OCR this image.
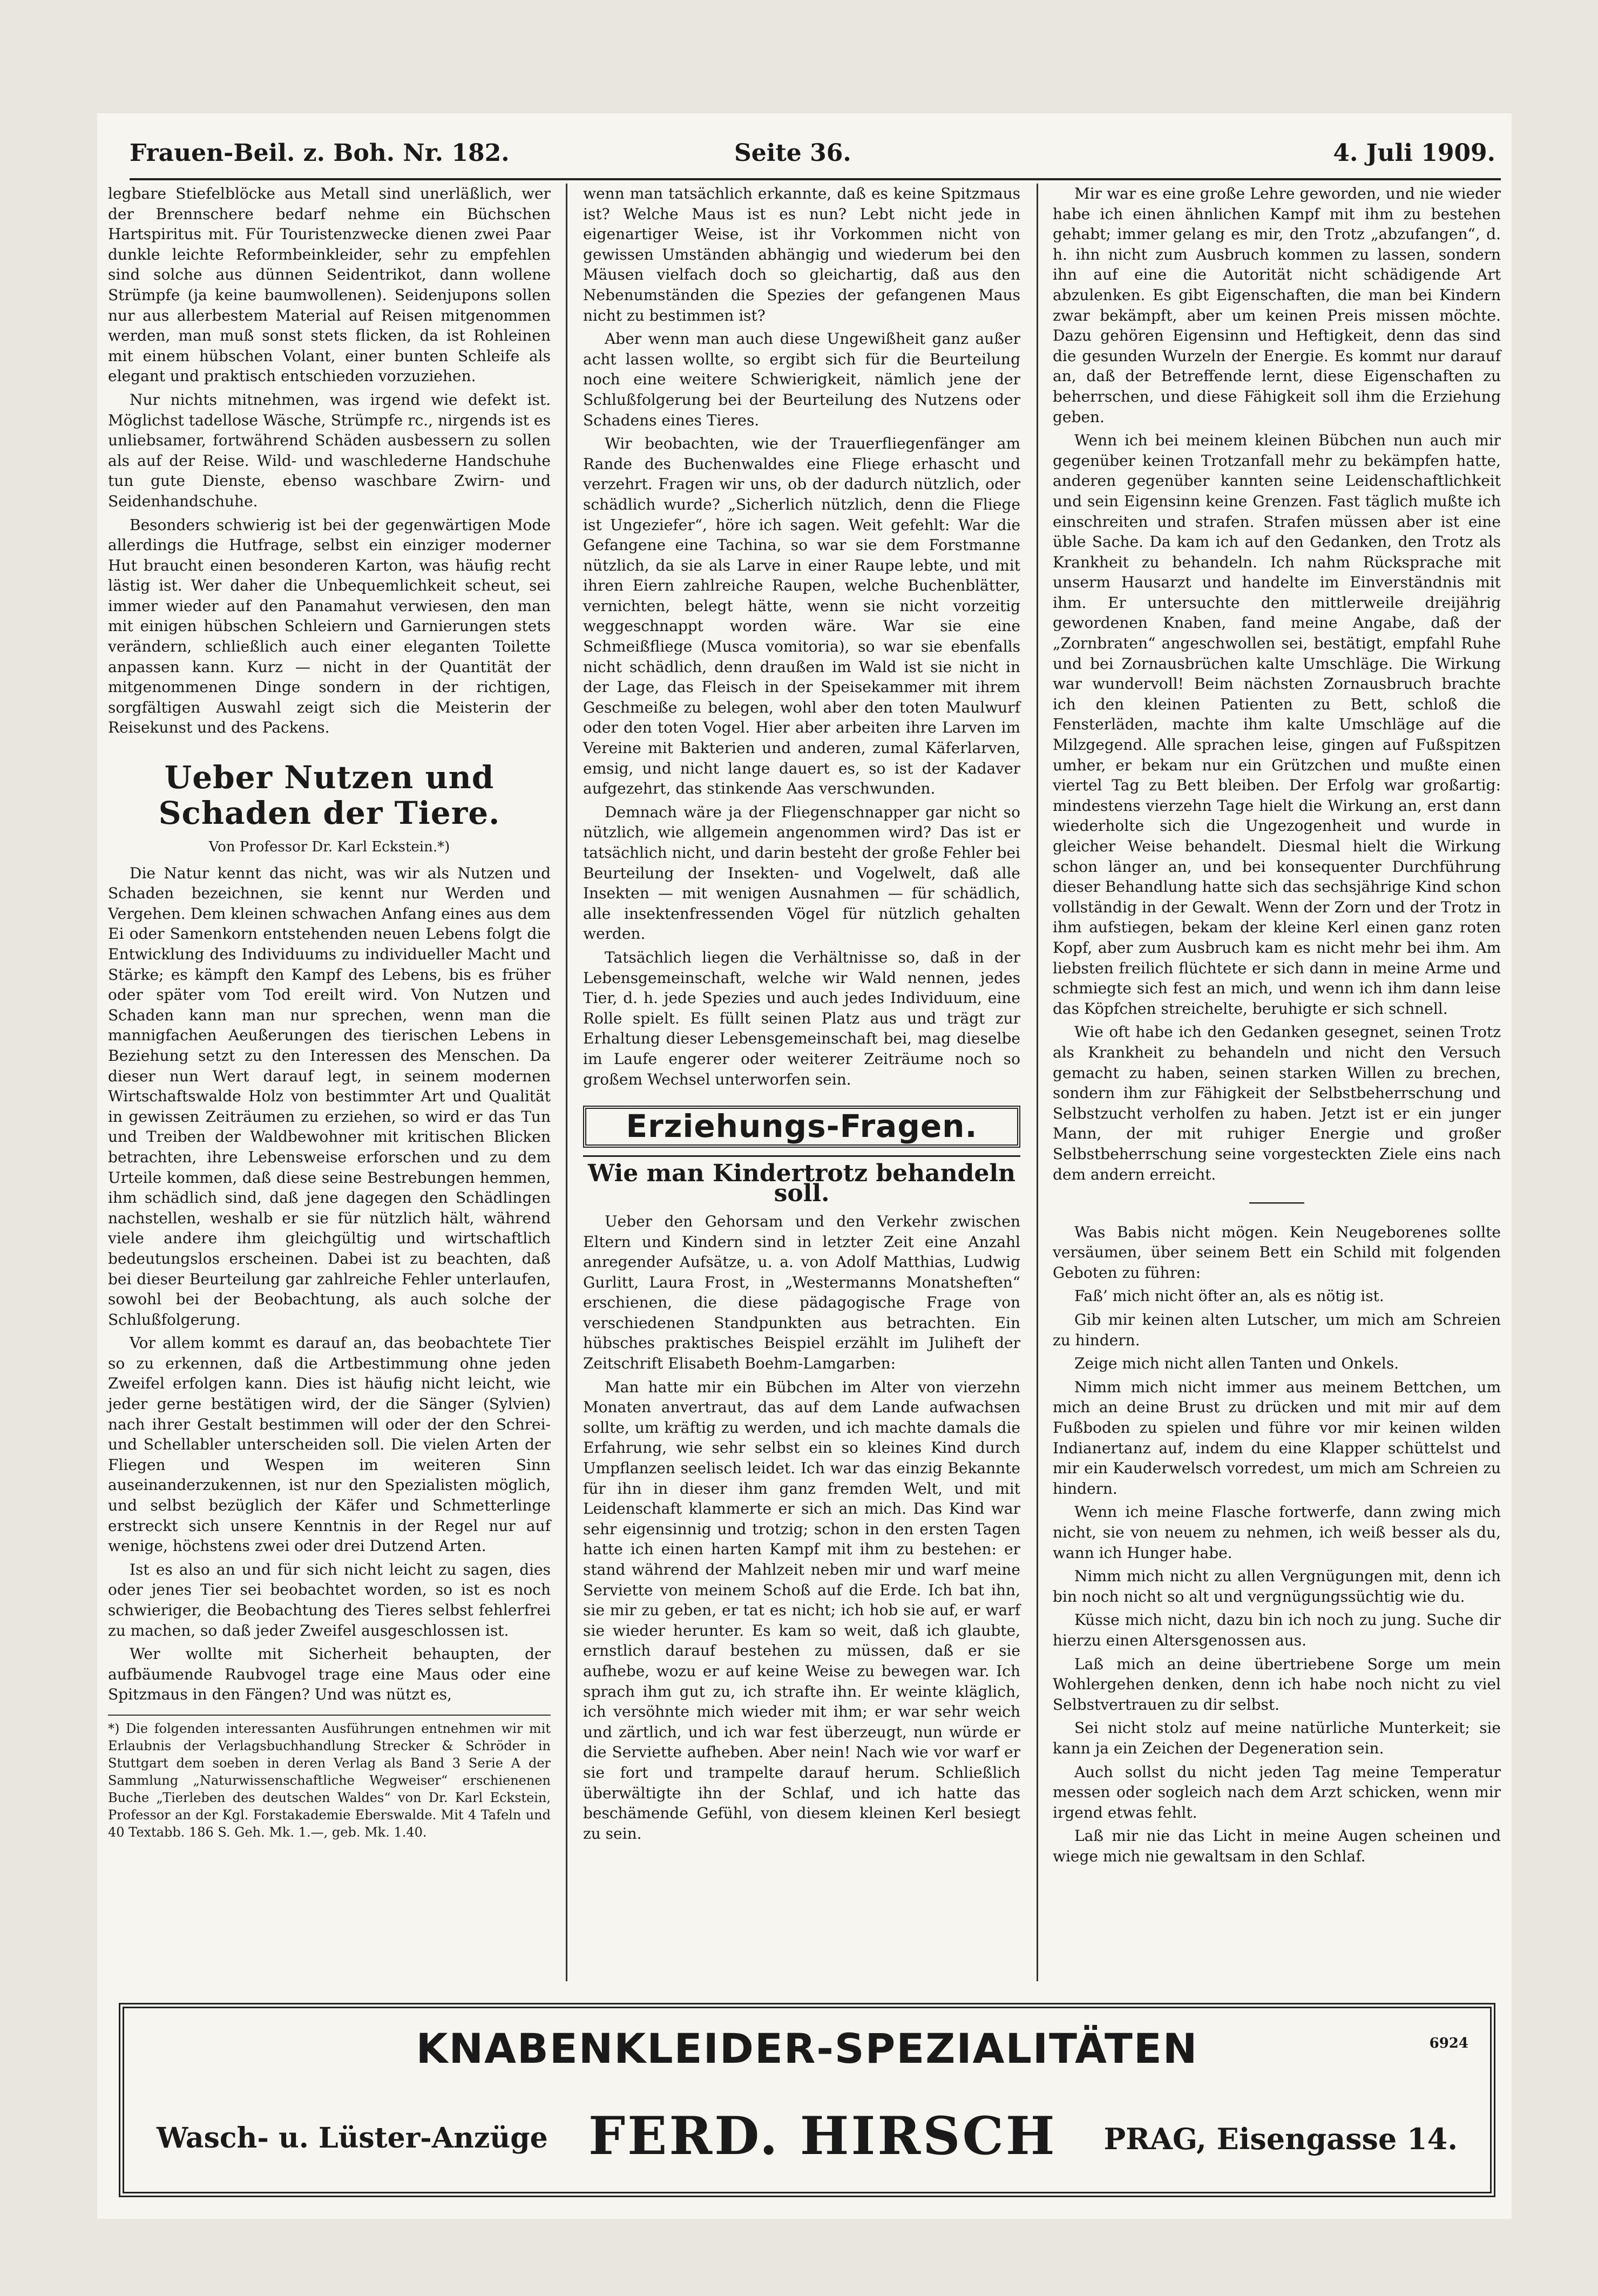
Frauen-Beil. z. Boh. Nr. 182.	Seite 36.	4. Juli 1909.

legbare Stiefelblöcke aus Metall sind unerläßlich, wer der Brennschere bedarf nehme ein Büchschen Hartspiritus mit. Für Touristenzwecke dienen zwei Paar dunkle leichte Reformbeinkleider, sehr zu empfehlen sind solche aus dünnen Seidentrikot, dann wollene Strümpfe (ja keine baumwollenen). Seidenjupons sollen nur aus allerbestem Material auf Reisen mitgenommen werden, man muß sonst stets flicken, da ist Rohleinen mit einem hübschen Volant, einer bunten Schleife als elegant und praktisch entschieden vorzuziehen.

Nur nichts mitnehmen, was irgend wie defekt ist. Möglichst tadellose Wäsche, Strümpfe rc., nirgends ist es unliebsamer, fortwährend Schäden ausbessern zu sollen als auf der Reise. Wild- und waschlederne Handschuhe tun gute Dienste, ebenso waschbare Zwirn- und Seidenhandschuhe.

Besonders schwierig ist bei der gegenwärtigen Mode allerdings die Hutfrage, selbst ein einziger moderner Hut braucht einen besonderen Karton, was häufig recht lästig ist. Wer daher die Unbequemlichkeit scheut, sei immer wieder auf den Panamahut verwiesen, den man mit einigen hübschen Schleiern und Garnierungen stets verändern, schließlich auch einer eleganten Toilette anpassen kann. Kurz — nicht in der Quantität der mitgenommenen Dinge sondern in der richtigen, sorgfältigen Auswahl zeigt sich die Meisterin der Reisekunst und des Packens.

Ueber Nutzen und Schaden der Tiere.
Von Professor Dr. Karl Eckstein.*)

Die Natur kennt das nicht, was wir als Nutzen und Schaden bezeichnen, sie kennt nur Werden und Vergehen. Dem kleinen schwachen Anfang eines aus dem Ei oder Samenkorn entstehenden neuen Lebens folgt die Entwicklung des Individuums zu individueller Macht und Stärke; es kämpft den Kampf des Lebens, bis es früher oder später vom Tod ereilt wird. Von Nutzen und Schaden kann man nur sprechen, wenn man die mannigfachen Aeußerungen des tierischen Lebens in Beziehung setzt zu den Interessen des Menschen. Da dieser nun Wert darauf legt, in seinem modernen Wirtschaftswalde Holz von bestimmter Art und Qualität in gewissen Zeiträumen zu erziehen, so wird er das Tun und Treiben der Waldbewohner mit kritischen Blicken betrachten, ihre Lebensweise erforschen und zu dem Urteile kommen, daß diese seine Bestrebungen hemmen, ihm schädlich sind, daß jene dagegen den Schädlingen nachstellen, weshalb er sie für nützlich hält, während viele andere ihm gleichgültig und wirtschaftlich bedeutungslos erscheinen. Dabei ist zu beachten, daß bei dieser Beurteilung gar zahlreiche Fehler unterlaufen, sowohl bei der Beobachtung, als auch solche der Schlußfolgerung.

Vor allem kommt es darauf an, das beobachtete Tier so zu erkennen, daß die Artbestimmung ohne jeden Zweifel erfolgen kann. Dies ist häufig nicht leicht, wie jeder gerne bestätigen wird, der die Sänger (Sylvien) nach ihrer Gestalt bestimmen will oder der den Schrei- und Schellabler unterscheiden soll. Die vielen Arten der Fliegen und Wespen im weiteren Sinn auseinanderzukennen, ist nur den Spezialisten möglich, und selbst bezüglich der Käfer und Schmetterlinge erstreckt sich unsere Kenntnis in der Regel nur auf wenige, höchstens zwei oder drei Dutzend Arten.

Ist es also an und für sich nicht leicht zu sagen, dies oder jenes Tier sei beobachtet worden, so ist es noch schwieriger, die Beobachtung des Tieres selbst fehlerfrei zu machen, so daß jeder Zweifel ausgeschlossen ist.

Wer wollte mit Sicherheit behaupten, der aufbäumende Raubvogel trage eine Maus oder eine Spitzmaus in den Fängen? Und was nützt es,

*) Die folgenden interessanten Ausführungen entnehmen wir mit Erlaubnis der Verlagsbuchhandlung Strecker & Schröder in Stuttgart dem soeben in deren Verlag als Band 3 Serie A der Sammlung „Naturwissenschaftliche Wegweiser“ erschienenen Buche „Tierleben des deutschen Waldes“ von Dr. Karl Eckstein, Professor an der Kgl. Forstakademie Eberswalde. Mit 4 Tafeln und 40 Textabb. 186 S. Geh. Mk. 1.—, geb. Mk. 1.40.

wenn man tatsächlich erkannte, daß es keine Spitzmaus ist? Welche Maus ist es nun? Lebt nicht jede in eigenartiger Weise, ist ihr Vorkommen nicht von gewissen Umständen abhängig und wiederum bei den Mäusen vielfach doch so gleichartig, daß aus den Nebenumständen die Spezies der gefangenen Maus nicht zu bestimmen ist?

Aber wenn man auch diese Ungewißheit ganz außer acht lassen wollte, so ergibt sich für die Beurteilung noch eine weitere Schwierigkeit, nämlich jene der Schlußfolgerung bei der Beurteilung des Nutzens oder Schadens eines Tieres.

Wir beobachten, wie der Trauerfliegenfänger am Rande des Buchenwaldes eine Fliege erhascht und verzehrt. Fragen wir uns, ob der dadurch nützlich, oder schädlich wurde? „Sicherlich nützlich, denn die Fliege ist Ungeziefer“, höre ich sagen. Weit gefehlt: War die Gefangene eine Tachina, so war sie dem Forstmanne nützlich, da sie als Larve in einer Raupe lebte, und mit ihren Eiern zahlreiche Raupen, welche Buchenblätter, vernichten, belegt hätte, wenn sie nicht vorzeitig weggeschnappt worden wäre. War sie eine Schmeißfliege (Musca vomitoria), so war sie ebenfalls nicht schädlich, denn draußen im Wald ist sie nicht in der Lage, das Fleisch in der Speisekammer mit ihrem Geschmeiße zu belegen, wohl aber den toten Maulwurf oder den toten Vogel. Hier aber arbeiten ihre Larven im Vereine mit Bakterien und anderen, zumal Käferlarven, emsig, und nicht lange dauert es, so ist der Kadaver aufgezehrt, das stinkende Aas verschwunden.

Demnach wäre ja der Fliegenschnapper gar nicht so nützlich, wie allgemein angenommen wird? Das ist er tatsächlich nicht, und darin besteht der große Fehler bei Beurteilung der Insekten- und Vogelwelt, daß alle Insekten — mit wenigen Ausnahmen — für schädlich, alle insektenfressenden Vögel für nützlich gehalten werden.

Tatsächlich liegen die Verhältnisse so, daß in der Lebensgemeinschaft, welche wir Wald nennen, jedes Tier, d. h. jede Spezies und auch jedes Individuum, eine Rolle spielt. Es füllt seinen Platz aus und trägt zur Erhaltung dieser Lebensgemeinschaft bei, mag dieselbe im Laufe engerer oder weiterer Zeiträume noch so großem Wechsel unterworfen sein.

Erziehungs-Fragen.
Wie man Kindertrotz behandeln soll.

Ueber den Gehorsam und den Verkehr zwischen Eltern und Kindern sind in letzter Zeit eine Anzahl anregender Aufsätze, u. a. von Adolf Matthias, Ludwig Gurlitt, Laura Frost, in „Westermanns Monatsheften“ erschienen, die diese pädagogische Frage von verschiedenen Standpunkten aus betrachten. Ein hübsches praktisches Beispiel erzählt im Juliheft der Zeitschrift Elisabeth Boehm-Lamgarben:

Man hatte mir ein Bübchen im Alter von vierzehn Monaten anvertraut, das auf dem Lande aufwachsen sollte, um kräftig zu werden, und ich machte damals die Erfahrung, wie sehr selbst ein so kleines Kind durch Umpflanzen seelisch leidet. Ich war das einzig Bekannte für ihn in dieser ihm ganz fremden Welt, und mit Leidenschaft klammerte er sich an mich. Das Kind war sehr eigensinnig und trotzig; schon in den ersten Tagen hatte ich einen harten Kampf mit ihm zu bestehen: er stand während der Mahlzeit neben mir und warf meine Serviette von meinem Schoß auf die Erde. Ich bat ihn, sie mir zu geben, er tat es nicht; ich hob sie auf, er warf sie wieder herunter. Es kam so weit, daß ich glaubte, ernstlich darauf bestehen zu müssen, daß er sie aufhebe, wozu er auf keine Weise zu bewegen war. Ich sprach ihm gut zu, ich strafte ihn. Er weinte kläglich, ich versöhnte mich wieder mit ihm; er war sehr weich und zärtlich, und ich war fest überzeugt, nun würde er die Serviette aufheben. Aber nein! Nach wie vor warf er sie fort und trampelte darauf herum. Schließlich überwältigte ihn der Schlaf, und ich hatte das beschämende Gefühl, von diesem kleinen Kerl besiegt zu sein.

Mir war es eine große Lehre geworden, und nie wieder habe ich einen ähnlichen Kampf mit ihm zu bestehen gehabt; immer gelang es mir, den Trotz „abzufangen“, d. h. ihn nicht zum Ausbruch kommen zu lassen, sondern ihn auf eine die Autorität nicht schädigende Art abzulenken. Es gibt Eigenschaften, die man bei Kindern zwar bekämpft, aber um keinen Preis missen möchte. Dazu gehören Eigensinn und Heftigkeit, denn das sind die gesunden Wurzeln der Energie. Es kommt nur darauf an, daß der Betreffende lernt, diese Eigenschaften zu beherrschen, und diese Fähigkeit soll ihm die Erziehung geben.

Wenn ich bei meinem kleinen Bübchen nun auch mir gegenüber keinen Trotzanfall mehr zu bekämpfen hatte, anderen gegenüber kannten seine Leidenschaftlichkeit und sein Eigensinn keine Grenzen. Fast täglich mußte ich einschreiten und strafen. Strafen müssen aber ist eine üble Sache. Da kam ich auf den Gedanken, den Trotz als Krankheit zu behandeln. Ich nahm Rücksprache mit unserm Hausarzt und handelte im Einverständnis mit ihm. Er untersuchte den mittlerweile dreijährig gewordenen Knaben, fand meine Angabe, daß der „Zornbraten“ angeschwollen sei, bestätigt, empfahl Ruhe und bei Zornausbrüchen kalte Umschläge. Die Wirkung war wundervoll! Beim nächsten Zornausbruch brachte ich den kleinen Patienten zu Bett, schloß die Fensterläden, machte ihm kalte Umschläge auf die Milzgegend. Alle sprachen leise, gingen auf Fußspitzen umher, er bekam nur ein Grützchen und mußte einen viertel Tag zu Bett bleiben. Der Erfolg war großartig: mindestens vierzehn Tage hielt die Wirkung an, erst dann wiederholte sich die Ungezogenheit und wurde in gleicher Weise behandelt. Diesmal hielt die Wirkung schon länger an, und bei konsequenter Durchführung dieser Behandlung hatte sich das sechsjährige Kind schon vollständig in der Gewalt. Wenn der Zorn und der Trotz in ihm aufstiegen, bekam der kleine Kerl einen ganz roten Kopf, aber zum Ausbruch kam es nicht mehr bei ihm. Am liebsten freilich flüchtete er sich dann in meine Arme und schmiegte sich fest an mich, und wenn ich ihm dann leise das Köpfchen streichelte, beruhigte er sich schnell.

Wie oft habe ich den Gedanken gesegnet, seinen Trotz als Krankheit zu behandeln und nicht den Versuch gemacht zu haben, seinen starken Willen zu brechen, sondern ihm zur Fähigkeit der Selbstbeherrschung und Selbstzucht verholfen zu haben. Jetzt ist er ein junger Mann, der mit ruhiger Energie und großer Selbstbeherrschung seine vorgesteckten Ziele eins nach dem andern erreicht.

──────

Was Babis nicht mögen. Kein Neugeborenes sollte versäumen, über seinem Bett ein Schild mit folgenden Geboten zu führen:

Faß’ mich nicht öfter an, als es nötig ist.

Gib mir keinen alten Lutscher, um mich am Schreien zu hindern.

Zeige mich nicht allen Tanten und Onkels.

Nimm mich nicht immer aus meinem Bettchen, um mich an deine Brust zu drücken und mit mir auf dem Fußboden zu spielen und führe vor mir keinen wilden Indianertanz auf, indem du eine Klapper schüttelst und mir ein Kauderwelsch vorredest, um mich am Schreien zu hindern.

Wenn ich meine Flasche fortwerfe, dann zwing mich nicht, sie von neuem zu nehmen, ich weiß besser als du, wann ich Hunger habe.

Nimm mich nicht zu allen Vergnügungen mit, denn ich bin noch nicht so alt und vergnügungssüchtig wie du.

Küsse mich nicht, dazu bin ich noch zu jung. Suche dir hierzu einen Altersgenossen aus.

Laß mich an deine übertriebene Sorge um mein Wohlergehen denken, denn ich habe noch nicht zu viel Selbstvertrauen zu dir selbst.

Sei nicht stolz auf meine natürliche Munterkeit; sie kann ja ein Zeichen der Degeneration sein.

Auch sollst du nicht jeden Tag meine Temperatur messen oder sogleich nach dem Arzt schicken, wenn mir irgend etwas fehlt.

Laß mir nie das Licht in meine Augen scheinen und wiege mich nie gewaltsam in den Schlaf.

KNABENKLEIDER-SPEZIALITÄTEN	6924
Wasch- u. Lüster-Anzüge FERD. HIRSCH PRAG, Eisengasse 14.
